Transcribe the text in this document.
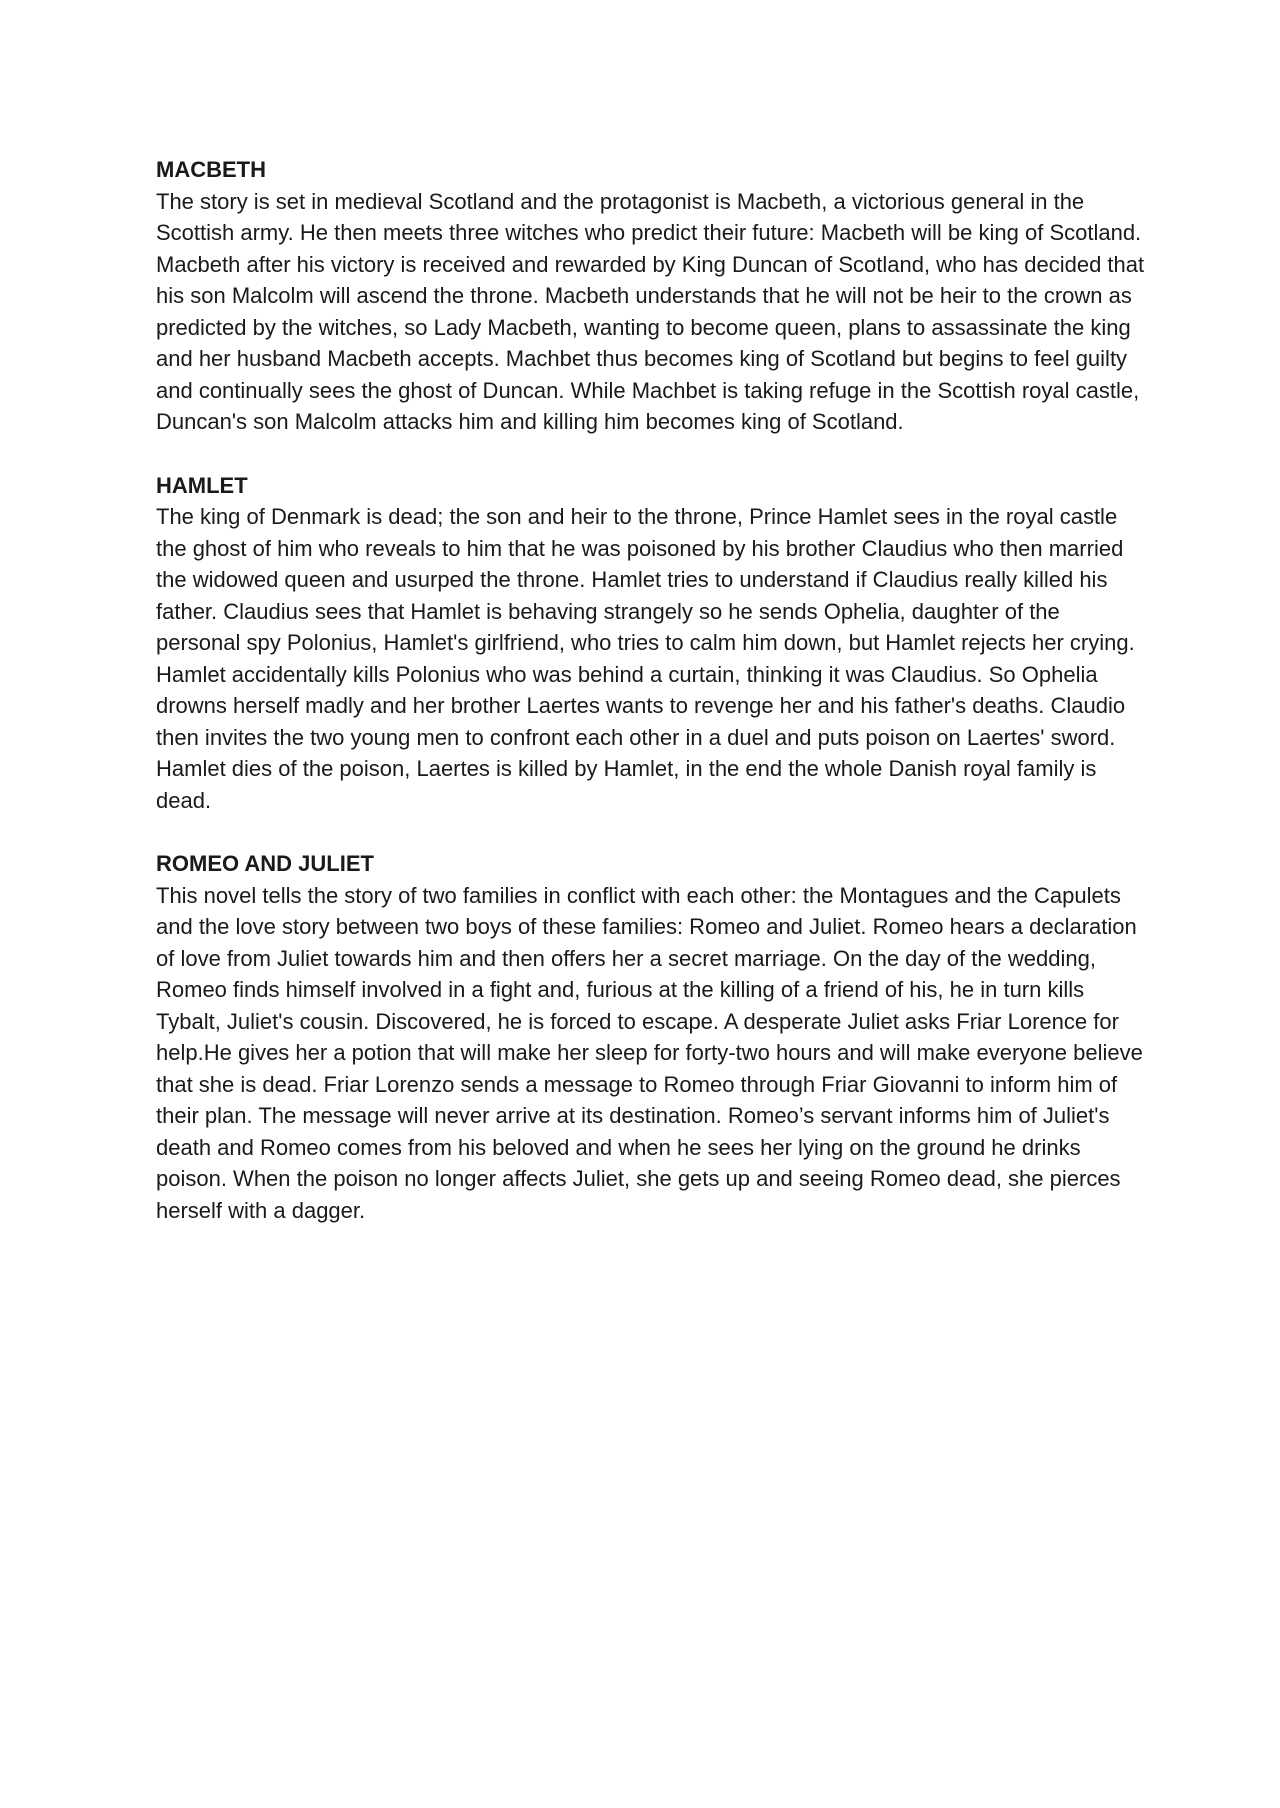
MACBETH

The story is set in medieval Scotland and the protagonist is Macbeth, a victorious general in the Scottish army. He then meets three witches who predict their future: Macbeth will be king of Scotland. Macbeth after his victory is received and rewarded by King Duncan of Scotland, who has decided that his son Malcolm will ascend the throne. Macbeth understands that he will not be heir to the crown as predicted by the witches, so Lady Macbeth, wanting to become queen, plans to assassinate the king and her husband Macbeth accepts. Machbet thus becomes king of Scotland but begins to feel guilty and continually sees the ghost of Duncan. While Machbet is taking refuge in the Scottish royal castle, Duncan's son Malcolm attacks him and killing him becomes king of Scotland.

HAMLET

The king of Denmark is dead; the son and heir to the throne, Prince Hamlet sees in the royal castle the ghost of him who reveals to him that he was poisoned by his brother Claudius who then married the widowed queen and usurped the throne. Hamlet tries to understand if Claudius really killed his father. Claudius sees that Hamlet is behaving strangely so he sends Ophelia, daughter of the personal spy Polonius, Hamlet's girlfriend, who tries to calm him down, but Hamlet rejects her crying. Hamlet accidentally kills Polonius who was behind a curtain, thinking it was Claudius. So Ophelia drowns herself madly and her brother Laertes wants to revenge her and his father's deaths. Claudio then invites the two young men to confront each other in a duel and puts poison on Laertes' sword. Hamlet dies of the poison, Laertes is killed by Hamlet, in the end the whole Danish royal family is dead.

ROMEO AND JULIET

This novel tells the story of two families in conflict with each other: the Montagues and the Capulets and the love story between two boys of these families: Romeo and Juliet. Romeo hears a declaration of love from Juliet towards him and then offers her a secret marriage. On the day of the wedding, Romeo finds himself involved in a fight and, furious at the killing of a friend of his, he in turn kills Tybalt, Juliet's cousin. Discovered, he is forced to escape. A desperate Juliet asks Friar Lorence for help.He gives her a potion that will make her sleep for forty-two hours and will make everyone believe that she is dead. Friar Lorenzo sends a message to Romeo through Friar Giovanni to inform him of their plan. The message will never arrive at its destination. Romeo’s servant informs him of Juliet's death and Romeo comes from his beloved and when he sees her lying on the ground he drinks poison. When the poison no longer affects Juliet, she gets up and seeing Romeo dead, she pierces herself with a dagger.
